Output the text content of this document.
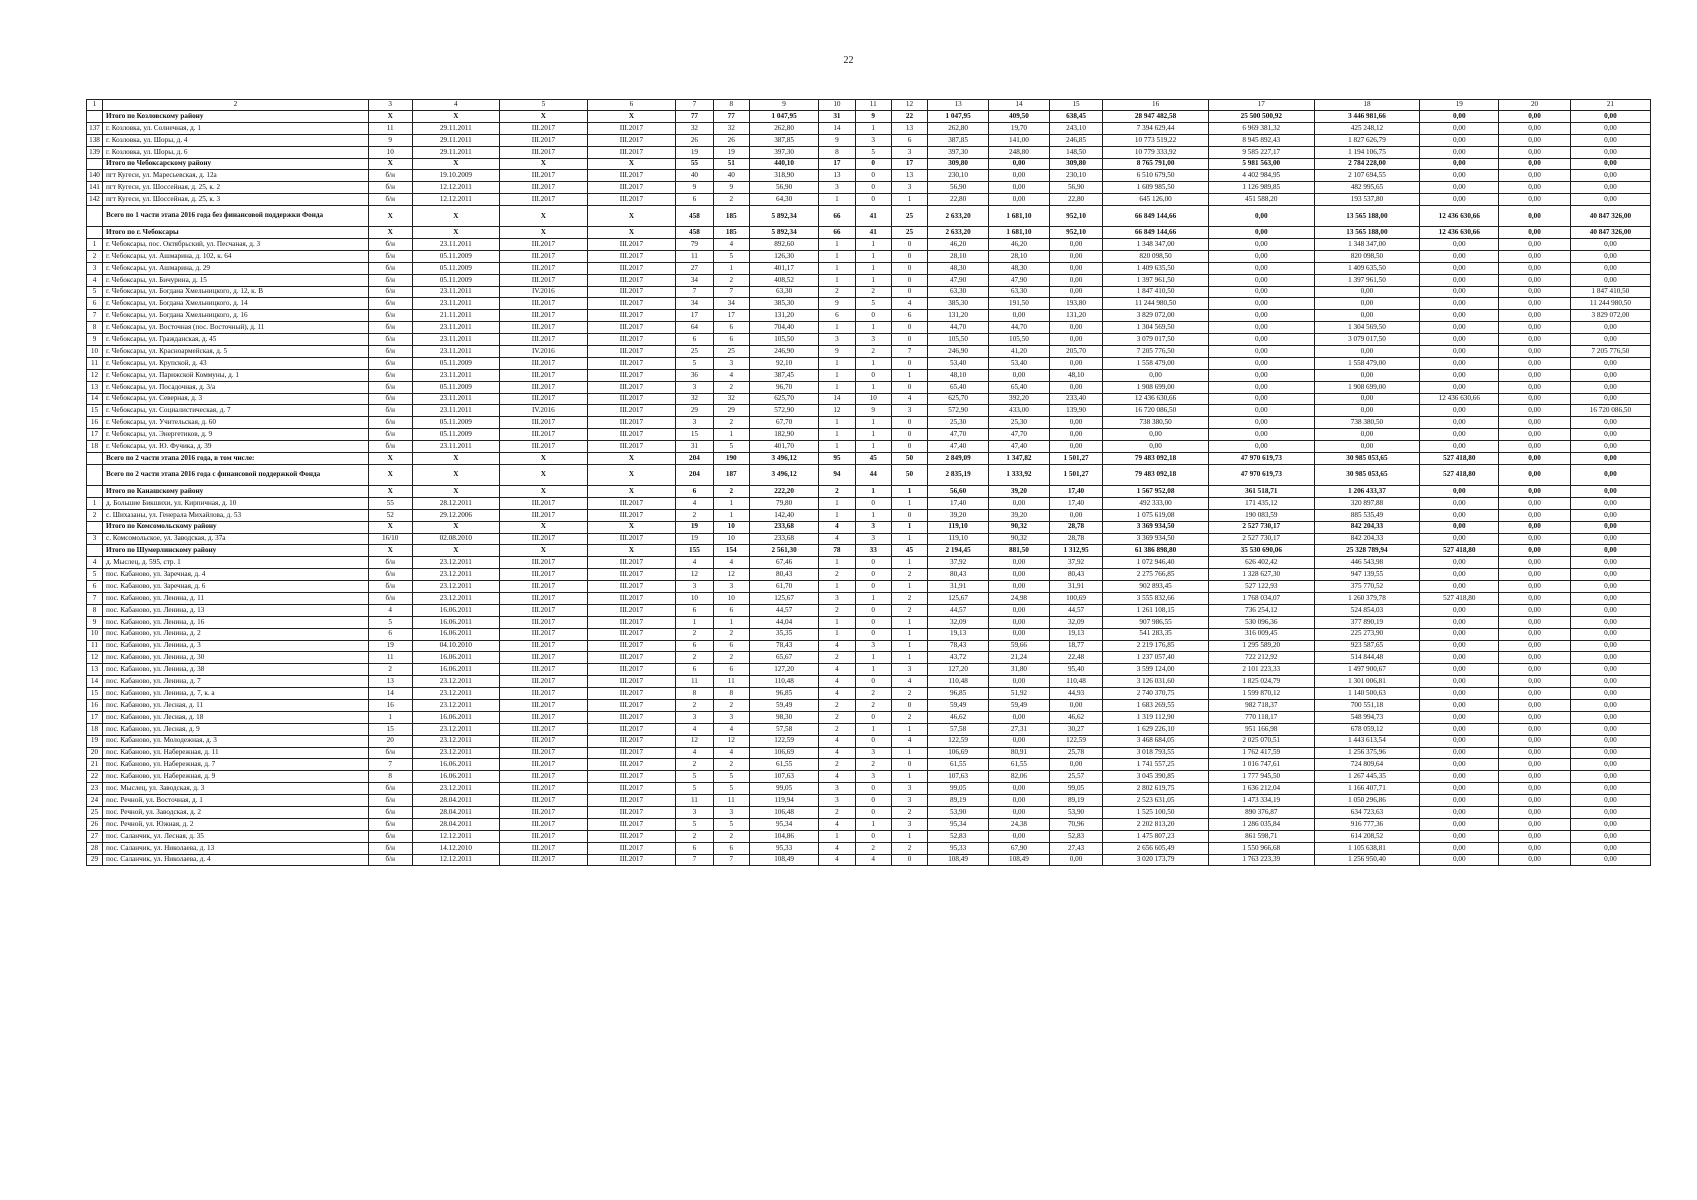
22
1	2	3	4	5	6	7	8	9	10	11	12	13	14	15	16	17	18	19	20	21
	Итого по Козловскому району	X	X	X	X	77	77	1 047,95	31	9	22	1 047,95	409,50	638,45	28 947 482,58	25 500 500,92	3 446 981,66	0,00	0,00	0,00
137	г. Козловка, ул. Солнечная, д. 1	11	29.11.2011	III.2017	III.2017	32	32	262,80	14	1	13	262,80	19,70	243,10	7 394 629,44	6 969 381,32	425 248,12	0,00	0,00	0,00
138	г. Козловка, ул. Шоры, д. 4	9	29.11.2011	III.2017	III.2017	26	26	387,85	9	3	6	387,85	141,00	246,85	10 773 519,22	8 945 892,43	1 827 626,79	0,00	0,00	0,00
139	г. Козловка, ул. Шоры, д. 6	10	29.11.2011	III.2017	III.2017	19	19	397,30	8	5	3	397,30	248,80	148,50	10 779 333,92	9 585 227,17	1 194 106,75	0,00	0,00	0,00
	Итого по Чебоксарскому району	X	X	X	X	55	51	440,10	17	0	17	309,80	0,00	309,80	8 765 791,00	5 981 563,00	2 784 228,00	0,00	0,00	0,00
140	пгт Кугеси, ул. Маресьевская, д. 12а	б/н	19.10.2009	III.2017	III.2017	40	40	318,90	13	0	13	230,10	0,00	230,10	6 510 679,50	4 402 984,95	2 107 694,55	0,00	0,00	0,00
141	пгт Кугеси, ул. Шоссейная, д. 25, к. 2	б/н	12.12.2011	III.2017	III.2017	9	9	56,90	3	0	3	56,90	0,00	56,90	1 609 985,50	1 126 989,85	482 995,65	0,00	0,00	0,00
142	пгт Кугеси, ул. Шоссейная, д. 25, к. 3	б/н	12.12.2011	III.2017	III.2017	6	2	64,30	1	0	1	22,80	0,00	22,80	645 126,00	451 588,20	193 537,80	0,00	0,00	0,00
	Всего по 1 части этапа 2016 года без финансовой поддержки Фонда	X	X	X	X	458	185	5 892,34	66	41	25	2 633,20	1 681,10	952,10	66 849 144,66	0,00	13 565 188,00	12 436 630,66	0,00	40 847 326,00
	Итого по г. Чебоксары	X	X	X	X	458	185	5 892,34	66	41	25	2 633,20	1 681,10	952,10	66 849 144,66	0,00	13 565 188,00	12 436 630,66	0,00	40 847 326,00
1	г. Чебоксары, пос. Октябрьский, ул. Песчаная, д. 3	б/н	23.11.2011	III.2017	III.2017	79	4	892,60	1	1	0	46,20	46,20	0,00	1 348 347,00	0,00	1 348 347,00	0,00	0,00	0,00
2	г. Чебоксары, ул. Ашмарина, д. 102, к. 64	б/н	05.11.2009	III.2017	III.2017	11	5	126,30	1	1	0	28,10	28,10	0,00	820 098,50	0,00	820 098,50	0,00	0,00	0,00
3	г. Чебоксары, ул. Ашмарина, д. 29	б/н	05.11.2009	III.2017	III.2017	27	1	401,17	1	1	0	48,30	48,30	0,00	1 409 635,50	0,00	1 409 635,50	0,00	0,00	0,00
4	г. Чебоксары, ул. Бичурина, д. 15	б/н	05.11.2009	III.2017	III.2017	34	2	408,52	1	1	0	47,90	47,90	0,00	1 397 961,50	0,00	1 397 961,50	0,00	0,00	0,00
5	г. Чебоксары, ул. Богдана Хмельницкого, д. 12, к. В	б/н	23.11.2011	IV.2016	III.2017	7	7	63,30	2	2	0	63,30	63,30	0,00	1 847 410,50	0,00	0,00	0,00	0,00	1 847 410,50
6	г. Чебоксары, ул. Богдана Хмельницкого, д. 14	б/н	23.11.2011	III.2017	III.2017	34	34	385,30	9	5	4	385,30	191,50	193,80	11 244 980,50	0,00	0,00	0,00	0,00	11 244 980,50
7	г. Чебоксары, ул. Богдана Хмельницкого, д. 16	б/н	21.11.2011	III.2017	III.2017	17	17	131,20	6	0	6	131,20	0,00	131,20	3 829 072,00	0,00	0,00	0,00	0,00	3 829 072,00
8	г. Чебоксары, ул. Восточная (пос. Восточный), д. 11	б/н	23.11.2011	III.2017	III.2017	64	6	704,40	1	1	0	44,70	44,70	0,00	1 304 569,50	0,00	1 304 569,50	0,00	0,00	0,00
9	г. Чебоксары, ул. Гражданская, д. 45	б/н	23.11.2011	III.2017	III.2017	6	6	105,50	3	3	0	105,50	105,50	0,00	3 079 017,50	0,00	3 079 017,50	0,00	0,00	0,00
10	г. Чебоксары, ул. Красноармейская, д. 5	б/н	23.11.2011	IV.2016	III.2017	25	25	246,90	9	2	7	246,90	41,20	205,70	7 205 776,50	0,00	0,00	0,00	0,00	7 205 776,50
11	г. Чебоксары, ул. Крупской, д. 43	б/н	05.11.2009	III.2017	III.2017	5	3	92,10	1	1	0	53,40	53,40	0,00	1 558 479,00	0,00	1 558 479,00	0,00	0,00	0,00
12	г. Чебоксары, ул. Парижской Коммуны, д. 1	б/н	23.11.2011	III.2017	III.2017	36	4	387,45	1	0	1	48,10	0,00	48,10	0,00	0,00	0,00	0,00	0,00	0,00
13	г. Чебоксары, ул. Посадочная, д. 3/а	б/н	05.11.2009	III.2017	III.2017	3	2	96,70	1	1	0	65,40	65,40	0,00	1 908 699,00	0,00	1 908 699,00	0,00	0,00	0,00
14	г. Чебоксары, ул. Северная, д. 3	б/н	23.11.2011	III.2017	III.2017	32	32	625,70	14	10	4	625,70	392,20	233,40	12 436 630,66	0,00	0,00	12 436 630,66	0,00	0,00
15	г. Чебоксары, ул. Социалистическая, д. 7	б/н	23.11.2011	IV.2016	III.2017	29	29	572,90	12	9	3	572,90	433,00	139,90	16 720 086,50	0,00	0,00	0,00	0,00	16 720 086,50
16	г. Чебоксары, ул. Учительская, д. 60	б/н	05.11.2009	III.2017	III.2017	3	2	67,70	1	1	0	25,30	25,30	0,00	738 380,50	0,00	738 380,50	0,00	0,00	0,00
17	г. Чебоксары, ул. Энергетиков, д. 9	б/н	05.11.2009	III.2017	III.2017	15	1	182,90	1	1	0	47,70	47,70	0,00	0,00	0,00	0,00	0,00	0,00	0,00
18	г. Чебоксары, ул. Ю. Фучика, д. 39	б/н	23.11.2011	III.2017	III.2017	31	5	401,70	1	1	0	47,40	47,40	0,00	0,00	0,00	0,00	0,00	0,00	0,00
	Всего по 2 части этапа 2016 года, в том числе:	X	X	X	X	204	190	3 496,12	95	45	50	2 849,09	1 347,82	1 501,27	79 483 092,18	47 970 619,73	30 985 053,65	527 418,80	0,00	0,00
	Всего по 2 части этапа 2016 года с финансовой поддержкой Фонда	X	X	X	X	204	187	3 496,12	94	44	50	2 835,19	1 333,92	1 501,27	79 483 092,18	47 970 619,73	30 985 053,65	527 418,80	0,00	0,00
	Итого по Канашскому району	X	X	X	X	6	2	222,20	2	1	1	56,60	39,20	17,40	1 567 952,08	361 518,71	1 206 433,37	0,00	0,00	0,00
1	д. Большие Бикшихи, ул. Кирпичная, д. 10	55	28.12.2011	III.2017	III.2017	4	1	79,80	1	0	1	17,40	0,00	17,40	492 333,00	171 435,12	320 897,88	0,00	0,00	0,00
2	с. Шихазаны, ул. Генерала Михайлова, д. 53	52	29.12.2006	III.2017	III.2017	2	1	142,40	1	1	0	39,20	39,20	0,00	1 075 619,08	190 083,59	885 535,49	0,00	0,00	0,00
	Итого по Комсомольскому району	X	X	X	X	19	10	233,68	4	3	1	119,10	90,32	28,78	3 369 934,50	2 527 730,17	842 204,33	0,00	0,00	0,00
3	с. Комсомольское, ул. Заводская, д. 37а	16/10	02.08.2010	III.2017	III.2017	19	10	233,68	4	3	1	119,10	90,32	28,78	3 369 934,50	2 527 730,17	842 204,33	0,00	0,00	0,00
	Итого по Шумерлинскому району	X	X	X	X	155	154	2 561,30	78	33	45	2 194,45	881,50	1 312,95	61 386 898,80	35 530 690,06	25 328 789,94	527 418,80	0,00	0,00
4	д. Мыслец, д. 595, стр. 1	б/н	23.12.2011	III.2017	III.2017	4	4	67,46	1	0	1	37,92	0,00	37,92	1 072 946,40	626 402,42	446 543,98	0,00	0,00	0,00
5	пос. Кабаново, ул. Заречная, д. 4	б/н	23.12.2011	III.2017	III.2017	12	12	80,43	2	0	2	80,43	0,00	80,43	2 275 766,85	1 328 627,30	947 139,55	0,00	0,00	0,00
6	пос. Кабаново, ул. Заречная, д. 6	б/н	23.12.2011	III.2017	III.2017	3	3	61,70	1	0	1	31,91	0,00	31,91	902 893,45	527 122,93	375 770,52	0,00	0,00	0,00
7	пос. Кабаново, ул. Ленина, д. 11	б/н	23.12.2011	III.2017	III.2017	10	10	125,67	3	1	2	125,67	24,98	100,69	3 555 832,66	1 768 034,07	1 260 379,78	527 418,80	0,00	0,00
8	пос. Кабаново, ул. Ленина, д. 13	4	16.06.2011	III.2017	III.2017	6	6	44,57	2	0	2	44,57	0,00	44,57	1 261 108,15	736 254,12	524 854,03	0,00	0,00	0,00
9	пос. Кабаново, ул. Ленина, д. 16	5	16.06.2011	III.2017	III.2017	1	1	44,04	1	0	1	32,09	0,00	32,09	907 986,55	530 096,36	377 890,19	0,00	0,00	0,00
10	пос. Кабаново, ул. Ленина, д. 2	6	16.06.2011	III.2017	III.2017	2	2	35,35	1	0	1	19,13	0,00	19,13	541 283,35	316 009,45	225 273,90	0,00	0,00	0,00
11	пос. Кабаново, ул. Ленина, д. 3	19	04.10.2010	III.2017	III.2017	6	6	78,43	4	3	1	78,43	59,66	18,77	2 219 176,85	1 295 589,20	923 587,65	0,00	0,00	0,00
12	пос. Кабаново, ул. Ленина, д. 30	11	16.06.2011	III.2017	III.2017	2	2	65,67	2	1	1	43,72	21,24	22,48	1 237 057,40	722 212,92	514 844,48	0,00	0,00	0,00
13	пос. Кабаново, ул. Ленина, д. 38	2	16.06.2011	III.2017	III.2017	6	6	127,20	4	1	3	127,20	31,80	95,40	3 599 124,00	2 101 223,33	1 497 900,67	0,00	0,00	0,00
14	пос. Кабаново, ул. Ленина, д. 7	13	23.12.2011	III.2017	III.2017	11	11	110,48	4	0	4	110,48	0,00	110,48	3 126 031,60	1 825 024,79	1 301 006,81	0,00	0,00	0,00
15	пос. Кабаново, ул. Ленина, д. 7, к. а	14	23.12.2011	III.2017	III.2017	8	8	96,85	4	2	2	96,85	51,92	44,93	2 740 370,75	1 599 870,12	1 140 500,63	0,00	0,00	0,00
16	пос. Кабаново, ул. Лесная, д. 11	16	23.12.2011	III.2017	III.2017	2	2	59,49	2	2	0	59,49	59,49	0,00	1 683 269,55	982 718,37	700 551,18	0,00	0,00	0,00
17	пос. Кабаново, ул. Лесная, д. 18	1	16.06.2011	III.2017	III.2017	3	3	98,30	2	0	2	46,62	0,00	46,62	1 319 112,90	770 118,17	548 994,73	0,00	0,00	0,00
18	пос. Кабаново, ул. Лесная, д. 9	15	23.12.2011	III.2017	III.2017	4	4	57,58	2	1	1	57,58	27,31	30,27	1 629 226,10	951 166,98	678 059,12	0,00	0,00	0,00
19	пос. Кабаново, ул. Молодежная, д. 3	20	23.12.2011	III.2017	III.2017	12	12	122,59	4	0	4	122,59	0,00	122,59	3 468 684,05	2 025 070,51	1 443 613,54	0,00	0,00	0,00
20	пос. Кабаново, ул. Набережная, д. 11	б/н	23.12.2011	III.2017	III.2017	4	4	106,69	4	3	1	106,69	80,91	25,78	3 018 793,55	1 762 417,59	1 256 375,96	0,00	0,00	0,00
21	пос. Кабаново, ул. Набережная, д. 7	7	16.06.2011	III.2017	III.2017	2	2	61,55	2	2	0	61,55	61,55	0,00	1 741 557,25	1 016 747,61	724 809,64	0,00	0,00	0,00
22	пос. Кабаново, ул. Набережная, д. 9	8	16.06.2011	III.2017	III.2017	5	5	107,63	4	3	1	107,63	82,06	25,57	3 045 390,85	1 777 945,50	1 267 445,35	0,00	0,00	0,00
23	пос. Мыслец, ул. Заводская, д. 3	б/н	23.12.2011	III.2017	III.2017	5	5	99,05	3	0	3	99,05	0,00	99,05	2 802 619,75	1 636 212,04	1 166 407,71	0,00	0,00	0,00
24	пос. Речной, ул. Восточная, д. 1	б/н	28.04.2011	III.2017	III.2017	11	11	119,94	3	0	3	89,19	0,00	89,19	2 523 631,05	1 473 334,19	1 050 296,86	0,00	0,00	0,00
25	пос. Речной, ул. Заводская, д. 2	б/н	28.04.2011	III.2017	III.2017	3	3	106,48	2	0	2	53,90	0,00	53,90	1 525 100,50	890 376,87	634 723,63	0,00	0,00	0,00
26	пос. Речной, ул. Южная, д. 2	б/н	28.04.2011	III.2017	III.2017	5	5	95,34	4	1	3	95,34	24,38	70,96	2 202 813,20	1 286 035,84	916 777,36	0,00	0,00	0,00
27	пос. Саланчик, ул. Лесная, д. 35	б/н	12.12.2011	III.2017	III.2017	2	2	104,86	1	0	1	52,83	0,00	52,83	1 475 807,23	861 598,71	614 208,52	0,00	0,00	0,00
28	пос. Саланчик, ул. Николаева, д. 13	б/н	14.12.2010	III.2017	III.2017	6	6	95,33	4	2	2	95,33	67,90	27,43	2 656 605,49	1 550 966,68	1 105 638,81	0,00	0,00	0,00
29	пос. Саланчик, ул. Николаева, д. 4	б/н	12.12.2011	III.2017	III.2017	7	7	108,49	4	4	0	108,49	108,49	0,00	3 020 173,79	1 763 223,39	1 256 950,40	0,00	0,00	0,00
